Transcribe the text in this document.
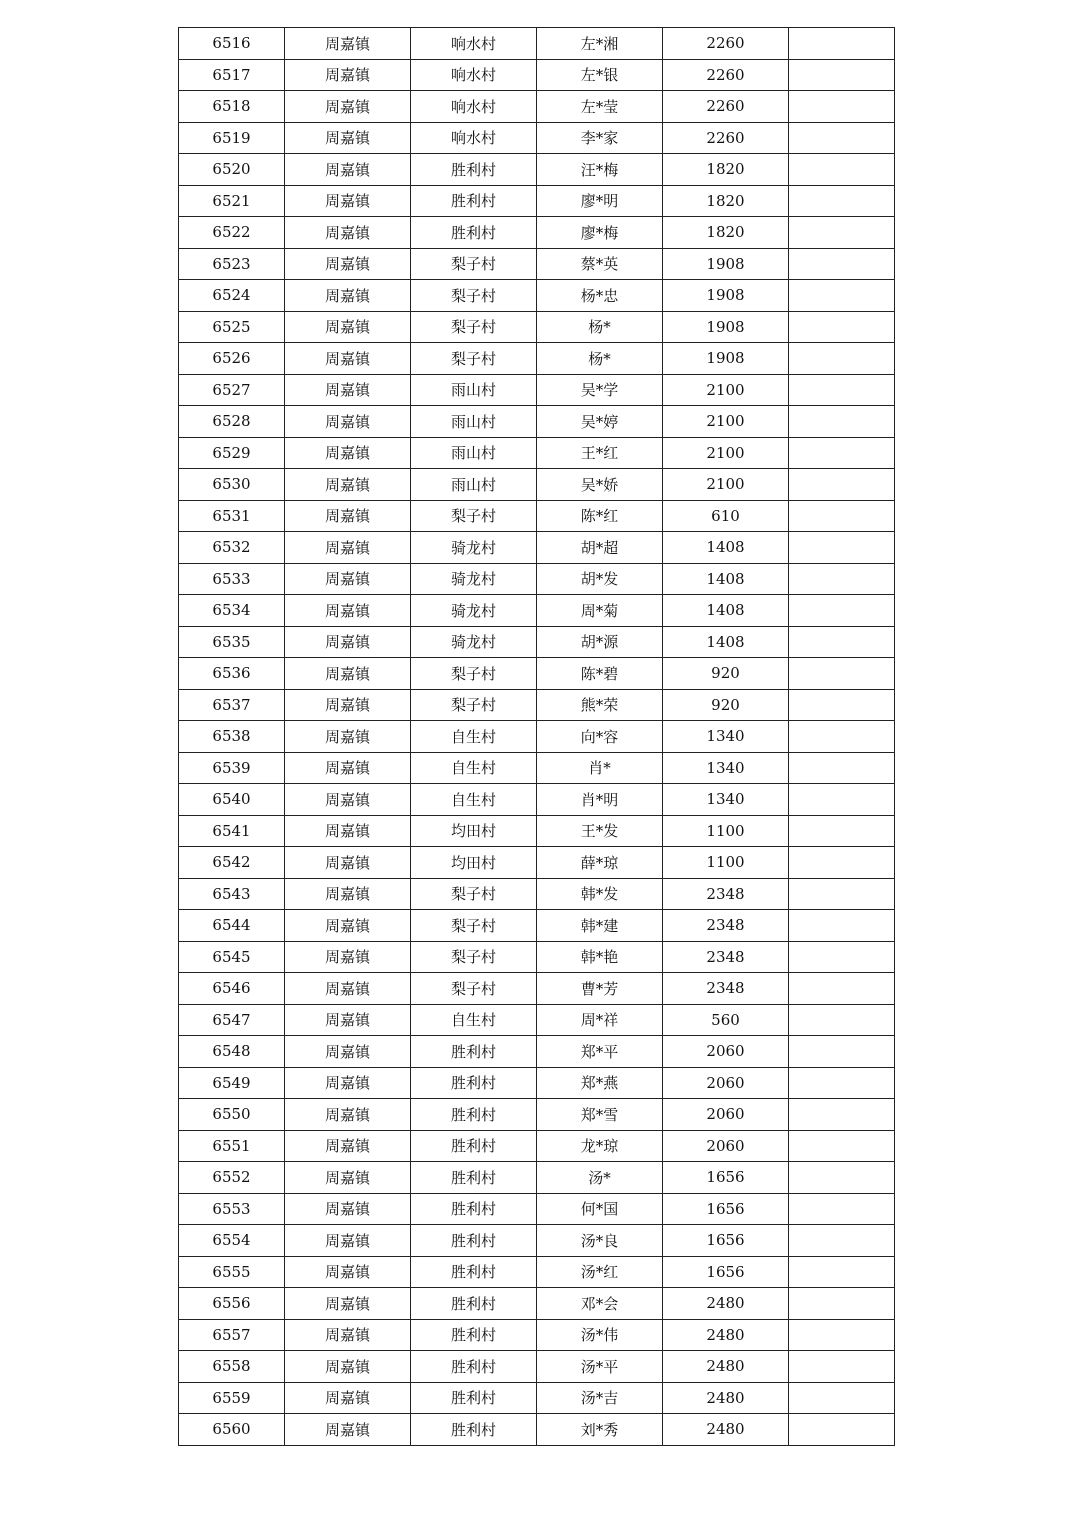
6516	周嘉镇	响水村	左*湘	2260	
6517	周嘉镇	响水村	左*银	2260	
6518	周嘉镇	响水村	左*莹	2260	
6519	周嘉镇	响水村	李*家	2260	
6520	周嘉镇	胜利村	汪*梅	1820	
6521	周嘉镇	胜利村	廖*明	1820	
6522	周嘉镇	胜利村	廖*梅	1820	
6523	周嘉镇	梨子村	蔡*英	1908	
6524	周嘉镇	梨子村	杨*忠	1908	
6525	周嘉镇	梨子村	杨*	1908	
6526	周嘉镇	梨子村	杨*	1908	
6527	周嘉镇	雨山村	吴*学	2100	
6528	周嘉镇	雨山村	吴*婷	2100	
6529	周嘉镇	雨山村	王*红	2100	
6530	周嘉镇	雨山村	吴*娇	2100	
6531	周嘉镇	梨子村	陈*红	610	
6532	周嘉镇	骑龙村	胡*超	1408	
6533	周嘉镇	骑龙村	胡*发	1408	
6534	周嘉镇	骑龙村	周*菊	1408	
6535	周嘉镇	骑龙村	胡*源	1408	
6536	周嘉镇	梨子村	陈*碧	920	
6537	周嘉镇	梨子村	熊*荣	920	
6538	周嘉镇	自生村	向*容	1340	
6539	周嘉镇	自生村	肖*	1340	
6540	周嘉镇	自生村	肖*明	1340	
6541	周嘉镇	均田村	王*发	1100	
6542	周嘉镇	均田村	薛*琼	1100	
6543	周嘉镇	梨子村	韩*发	2348	
6544	周嘉镇	梨子村	韩*建	2348	
6545	周嘉镇	梨子村	韩*艳	2348	
6546	周嘉镇	梨子村	曹*芳	2348	
6547	周嘉镇	自生村	周*祥	560	
6548	周嘉镇	胜利村	郑*平	2060	
6549	周嘉镇	胜利村	郑*燕	2060	
6550	周嘉镇	胜利村	郑*雪	2060	
6551	周嘉镇	胜利村	龙*琼	2060	
6552	周嘉镇	胜利村	汤*	1656	
6553	周嘉镇	胜利村	何*国	1656	
6554	周嘉镇	胜利村	汤*良	1656	
6555	周嘉镇	胜利村	汤*红	1656	
6556	周嘉镇	胜利村	邓*会	2480	
6557	周嘉镇	胜利村	汤*伟	2480	
6558	周嘉镇	胜利村	汤*平	2480	
6559	周嘉镇	胜利村	汤*吉	2480	
6560	周嘉镇	胜利村	刘*秀	2480	
